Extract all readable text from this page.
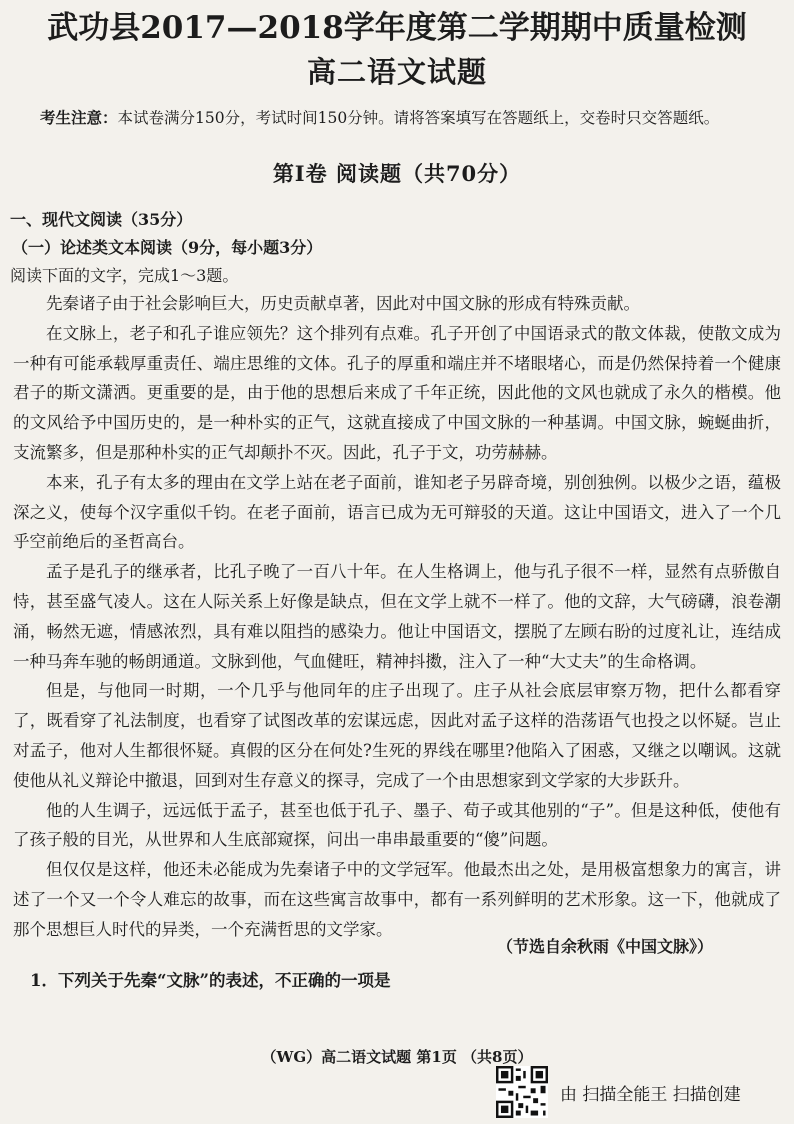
武功县2017—2018学年度第二学期期中质量检测
高二语文试题

考生注意：本试卷满分150分，考试时间150分钟。请将答案填写在答题纸上，交卷时只交答题纸。

第Ⅰ卷 阅读题（共70分）
一、现代文阅读（35分）
（一）论述类文本阅读（9分，每小题3分）
阅读下面的文字，完成1～3题。

先秦诸子由于社会影响巨大，历史贡献卓著，因此对中国文脉的形成有特殊贡献。

在文脉上，老子和孔子谁应领先？这个排列有点难。孔子开创了中国语录式的散文体裁，使散文成为一种有可能承载厚重责任、端庄思维的文体。孔子的厚重和端庄并不堵眼堵心，而是仍然保持着一个健康君子的斯文潇洒。更重要的是，由于他的思想后来成了千年正统，因此他的文风也就成了永久的楷模。他的文风给予中国历史的，是一种朴实的正气，这就直接成了中国文脉的一种基调。中国文脉，蜿蜒曲折，支流繁多，但是那种朴实的正气却颠扑不灭。因此，孔子于文，功劳赫赫。

本来，孔子有太多的理由在文学上站在老子面前，谁知老子另辟奇境，别创独例。以极少之语，蕴极深之义，使每个汉字重似千钧。在老子面前，语言已成为无可辩驳的天道。这让中国语文，进入了一个几乎空前绝后的圣哲高台。

孟子是孔子的继承者，比孔子晚了一百八十年。在人生格调上，他与孔子很不一样，显然有点骄傲自恃，甚至盛气凌人。这在人际关系上好像是缺点，但在文学上就不一样了。他的文辞，大气磅礴，浪卷潮涌，畅然无遮，情感浓烈，具有难以阻挡的感染力。他让中国语文，摆脱了左顾右盼的过度礼让，连结成一种马奔车驰的畅朗通道。文脉到他，气血健旺，精神抖擞，注入了一种“大丈夫”的生命格调。

但是，与他同一时期，一个几乎与他同年的庄子出现了。庄子从社会底层审察万物，把什么都看穿了，既看穿了礼法制度，也看穿了试图改革的宏谋远虑，因此对孟子这样的浩荡语气也投之以怀疑。岂止对孟子，他对人生都很怀疑。真假的区分在何处?生死的界线在哪里?他陷入了困惑，又继之以嘲讽。这就使他从礼义辩论中撤退，回到对生存意义的探寻，完成了一个由思想家到文学家的大步跃升。

他的人生调子，远远低于孟子，甚至也低于孔子、墨子、荀子或其他别的“子”。但是这种低，使他有了孩子般的目光，从世界和人生底部窥探，问出一串串最重要的“傻”问题。

但仅仅是这样，他还未必能成为先秦诸子中的文学冠军。他最杰出之处，是用极富想象力的寓言，讲述了一个又一个令人难忘的故事，而在这些寓言故事中，都有一系列鲜明的艺术形象。这一下，他就成了那个思想巨人时代的异类，一个充满哲思的文学家。

（节选自余秋雨《中国文脉》）
1．下列关于先秦“文脉”的表述，不正确的一项是
（WG）高二语文试题 第1页 （共8页）
由 扫描全能王 扫描创建
